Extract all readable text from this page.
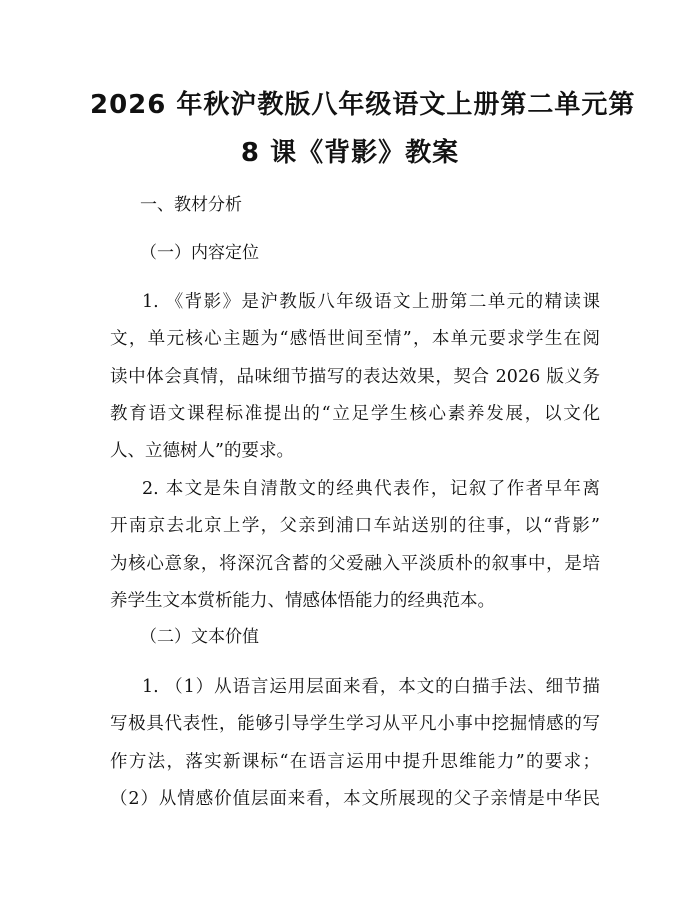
2026 年秋沪教版八年级语文上册第二单元第
8 课《背影》教案

一、教材分析

（一）内容定位

1. 《背影》是沪教版八年级语文上册第二单元的精读课
文，单元核心主题为“感悟世间至情”，本单元要求学生在阅
读中体会真情，品味细节描写的表达效果，契合 2026 版义务
教育语文课程标准提出的“立足学生核心素养发展，以文化
人、立德树人”的要求。
2. 本文是朱自清散文的经典代表作，记叙了作者早年离
开南京去北京上学，父亲到浦口车站送别的往事，以“背影”
为核心意象，将深沉含蓄的父爱融入平淡质朴的叙事中，是培
养学生文本赏析能力、情感体悟能力的经典范本。

（二）文本价值

1. （1）从语言运用层面来看，本文的白描手法、细节描
写极具代表性，能够引导学生学习从平凡小事中挖掘情感的写
作方法，落实新课标“在语言运用中提升思维能力”的要求；
（2）从情感价值层面来看，本文所展现的父子亲情是中华民
